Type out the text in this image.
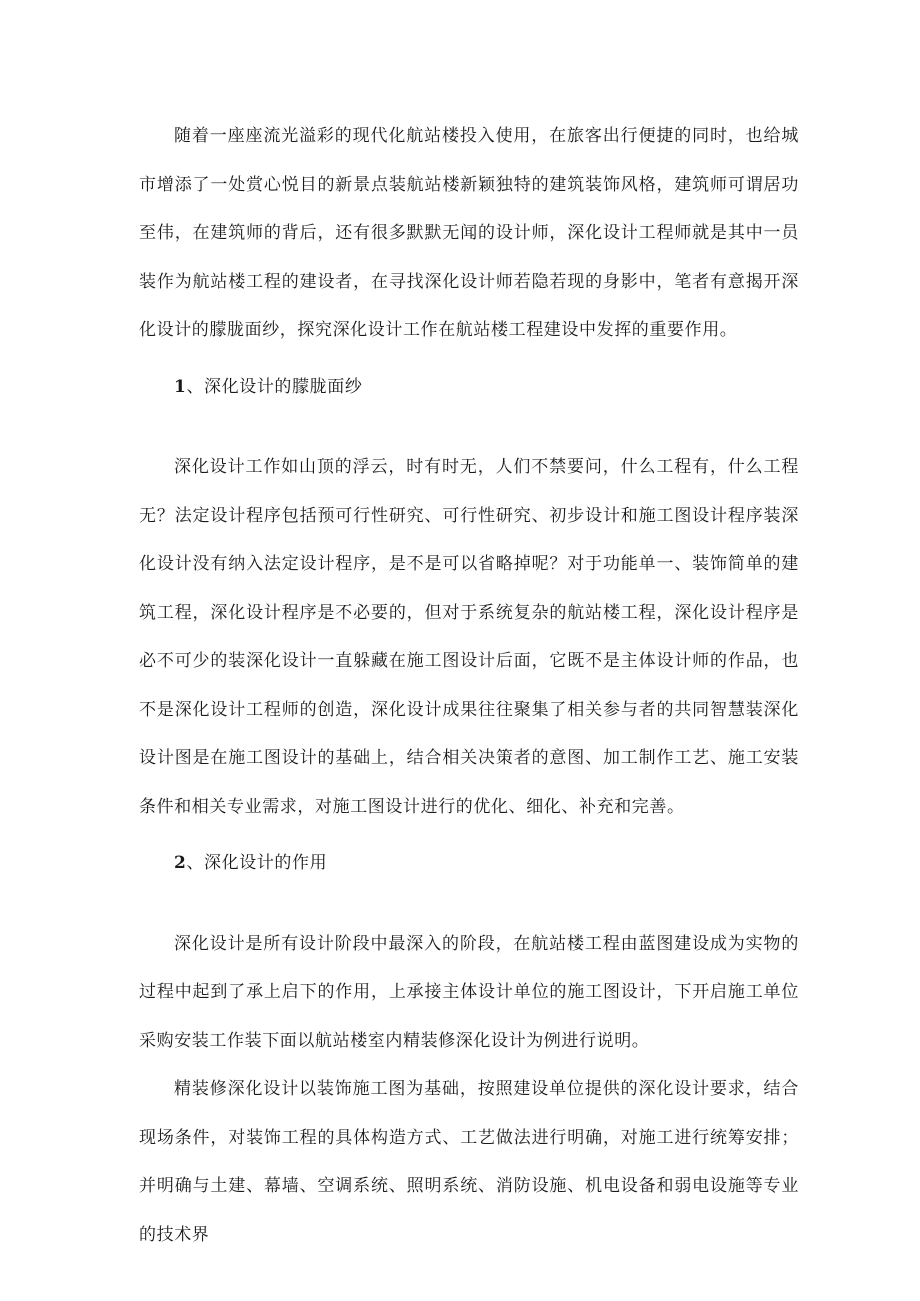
随着一座座流光溢彩的现代化航站楼投入使用，在旅客出行便捷的同时，也给城市增添了一处赏心悦目的新景点装航站楼新颖独特的建筑装饰风格，建筑师可谓居功至伟，在建筑师的背后，还有很多默默无闻的设计师，深化设计工程师就是其中一员装作为航站楼工程的建设者，在寻找深化设计师若隐若现的身影中，笔者有意揭开深化设计的朦胧面纱，探究深化设计工作在航站楼工程建设中发挥的重要作用。

1、深化设计的朦胧面纱

深化设计工作如山顶的浮云，时有时无，人们不禁要问，什么工程有，什么工程无？法定设计程序包括预可行性研究、可行性研究、初步设计和施工图设计程序装深化设计没有纳入法定设计程序，是不是可以省略掉呢？对于功能单一、装饰简单的建筑工程，深化设计程序是不必要的，但对于系统复杂的航站楼工程，深化设计程序是必不可少的装深化设计一直躲藏在施工图设计后面，它既不是主体设计师的作品，也不是深化设计工程师的创造，深化设计成果往往聚集了相关参与者的共同智慧装深化设计图是在施工图设计的基础上，结合相关决策者的意图、加工制作工艺、施工安装条件和相关专业需求，对施工图设计进行的优化、细化、补充和完善。

2、深化设计的作用

深化设计是所有设计阶段中最深入的阶段，在航站楼工程由蓝图建设成为实物的过程中起到了承上启下的作用，上承接主体设计单位的施工图设计，下开启施工单位采购安装工作装下面以航站楼室内精装修深化设计为例进行说明。

精装修深化设计以装饰施工图为基础，按照建设单位提供的深化设计要求，结合现场条件，对装饰工程的具体构造方式、工艺做法进行明确，对施工进行统筹安排；并明确与土建、幕墙、空调系统、照明系统、消防设施、机电设备和弱电设施等专业的技术界
